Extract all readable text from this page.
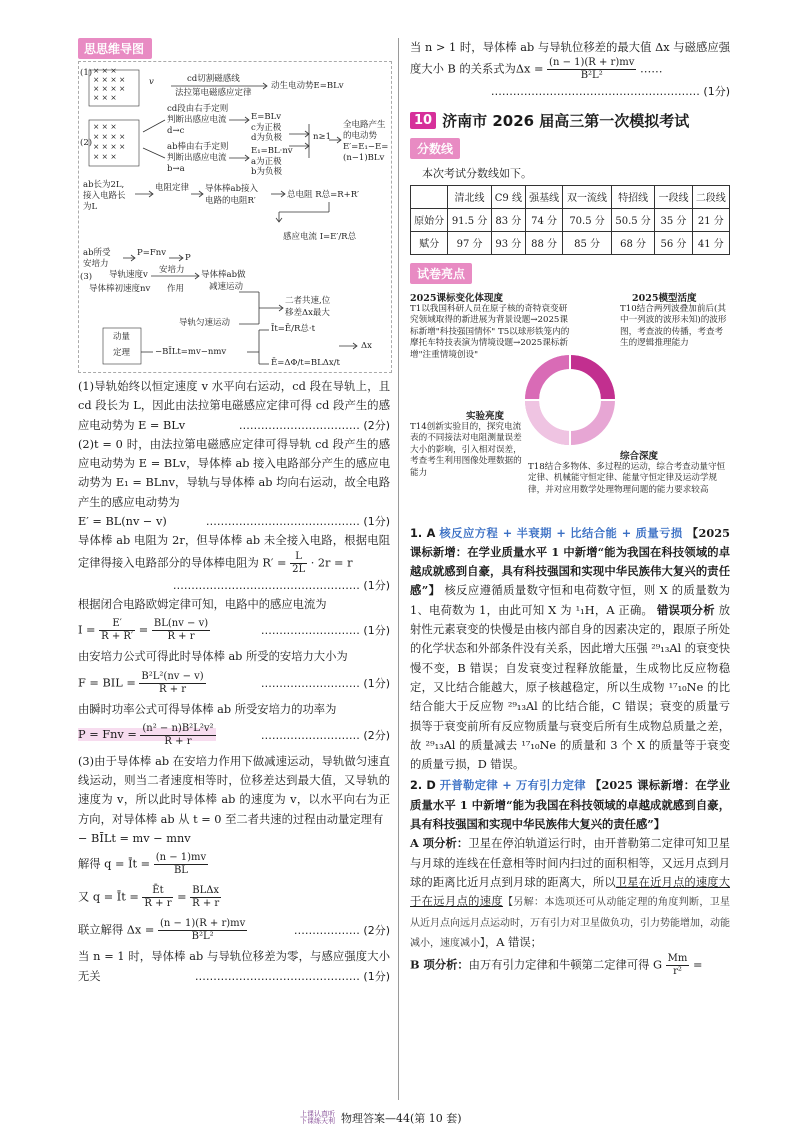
思思维导图
(1) × × ×
× × × ×
× × × ×
× × ×
v	cd切割磁感线
法拉第电磁感应定律
动生电动势E=BLv
(2)
× × ×
× × × ×
× × × ×
× × ×
cd段由右手定则
判断出感应电流
d→c
E=BLv
c为正极
d为负极
ab棒由右手定则
判断出感应电流
b→a
E₁=BL·nv
a为正极
b为负极
n≥1
全电路产生
的电动势
E′=E₁−E=
(n−1)BLv
ab长为2L,
接入电路长
为L
电阻定律 导体棒ab接入
电路的电阻R′
总电阻 R总=R+R′
感应电流 I=E′/R总
ab所受
安培力
P=Fnv P
(3) 导轨速度v 安培力 导体棒ab做
减速运动
导体棒初速度nv 作用
导轨匀速运动
二者共速,位
移差Δx最大
动量
定理	−BĪLt=mv−nmv
Īt=Ē/R总·t
Ē=ΔΦ/t=BLΔx/t
Δx

(1)导轨始终以恒定速度 v 水平向右运动，cd 段在导轨上，且 cd 段长为 L，因此由法拉第电磁感应定律可得 cd 段产生的感应电动势为 E = BLv	…………………………… (2分)

(2)t = 0 时，由法拉第电磁感应定律可得导轨 cd 段产生的感应电动势为 E = BLv，导体棒 ab 接入电路部分产生的感应电动势为 E₁ = BLnv，导轨与导体棒 ab 均向右运动，故全电路产生的感应电动势为

E′ = BL(nv − v)	…………………………………… (1分)

导体棒 ab 电阻为 2r，但导体棒 ab 未全接入电路，根据电阻定律得接入电路部分的导体棒电阻为 $R' = \frac{L}{2L} \cdot 2r = r$

…………………………………………… (1分)

根据闭合电路欧姆定律可知，电路中的感应电流为

$I = \frac{E'}{R + R'} = \frac{BL(nv - v)}{R + r}$	……………………… (1分)

由安培力公式可得此时导体棒 ab 所受的安培力大小为

F = BIL = $\frac{\text{B²L²(nv − v)}}{R + r}$	……………………… (1分)

由瞬时功率公式可得导体棒 ab 所受安培力的功率为

P = Fnv = $\frac{\text{(n² − n)B²L²v²}}{R + r}$	……………………… (2分)

(3)由于导体棒 ab 在安培力作用下做减速运动，导轨做匀速直线运动，则当二者速度相等时，位移差达到最大值，又导轨的速度为 v，所以此时导体棒 ab 的速度为 v，以水平向右为正方向，对导体棒 ab 从 t = 0 至二者共速的过程由动量定理有

− BĪLt = mv − mnv

解得 q = Īt = $\frac{(n - 1)mv}{BL}$

又 q = Īt = $\frac{Ēt}{R + r} = \frac{\text{BLΔx}}{R + r}$

联立解得 $\Delta x = \frac{(n - 1)(R + r)mv}{\text{B²L²}}$	……………… (2分)

当 n = 1 时，导体棒 ab 与导轨位移差为零，与感应强度大小无关	……………………………………… (1分)

当 n > 1 时，导体棒 ab 与导轨位移差的最大值 Δx 与磁感应强度大小 B 的关系式为$\Delta x = \frac{(n - 1)(R + r)mv}{\text{B²L²}}$ ……

………………………………………………… (1分)

10 济南市 2026 届高三第一次模拟考试
分数线

本次考试分数线如下。

	清北线	C9 线	强基线	双一流线	特招线	一段线	二段线
原始分	91.5 分	83 分	74 分	70.5 分	50.5 分	35 分	21 分
赋分	97 分	93 分	88 分	85 分	68 分	56 分	41 分
试卷亮点
2025课标变化体现度
T1以我国科研人员在原子核的奇特衰变研究领域取得的新进展为背景设题→2025课标新增"科技强国情怀" T5以球形铁笼内的摩托车特技表演为情境设题→2025课标新增"注重情境创设"
2025模型活度
T10结合两列波叠加前后(其中一列波的波形未知)的波形图，考查波的传播，考查考生的逻辑推理能力
实验亮度
T14创新实验目的，探究电流表的不同接法对电阻测量误差大小的影响，引入相对误差，考查考生利用图像处理数据的能力
综合深度
T18结合多物体、多过程的运动，综合考查动量守恒定律、机械能守恒定律、能量守恒定律及运动学规律，并对应用数学处理物理问题的能力要求较高

1. A 核反应方程 + 半衰期 + 比结合能 + 质量亏损 【2025 课标新增：在学业质量水平 1 中新增“能为我国在科技领域的卓越成就感到自豪，具有科技强国和实现中华民族伟大复兴的责任感”】 核反应遵循质量数守恒和电荷数守恒，则 X 的质量数为 1、电荷数为 1，由此可知 X 为 ¹₁H，A 正确。 错误项分析 放射性元素衰变的快慢是由核内部自身的因素决定的，跟原子所处的化学状态和外部条件没有关系，因此增大压强 ²⁹₁₃Al 的衰变快慢不变，B 错误；自发衰变过程释放能量，生成物比反应物稳定，又比结合能越大，原子核越稳定，所以生成物 ¹⁷₁₀Ne 的比结合能大于反应物 ²⁹₁₃Al 的比结合能，C 错误；衰变的质量亏损等于衰变前所有反应物质量与衰变后所有生成物总质量之差，故 ²⁹₁₃Al 的质量减去 ¹⁷₁₀Ne 的质量和 3 个 X 的质量等于衰变的质量亏损，D 错误。

2. D 开普勒定律 + 万有引力定律 【2025 课标新增：在学业质量水平 1 中新增“能为我国在科技领域的卓越成就感到自豪，具有科技强国和实现中华民族伟大复兴的责任感”】

A 项分析：卫星在停泊轨道运行时，由开普勒第二定律可知卫星与月球的连线在任意相等时间内扫过的面积相等，又远月点到月球的距离比近月点到月球的距离大，所以卫星在近月点的速度大于在远月点的速度【另解：本选项还可从动能定理的角度判断，卫星从近月点向远月点运动时，万有引力对卫星做负功，引力势能增加，动能减小，速度减小】，A 错误；

B 项分析：由万有引力定律和牛顿第二定律可得 G $\frac{Mm}{\text{r²}}$ =

上课认真听
下课练天利 物理答案—44(第 10 套)
